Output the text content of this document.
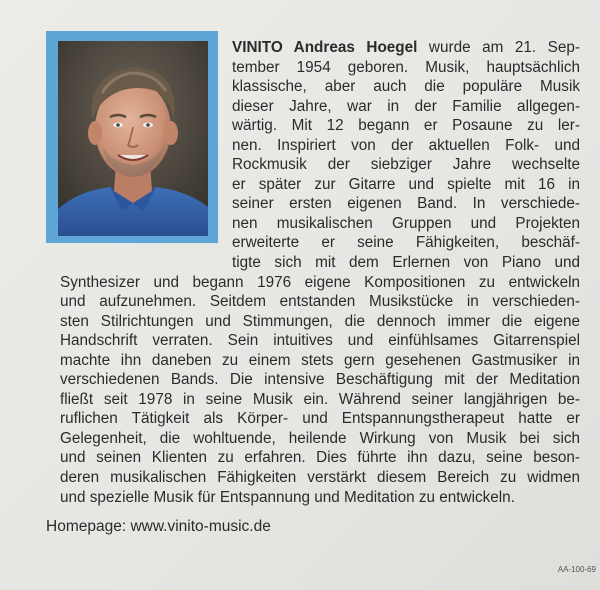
VINITO Andreas Hoegel wurde am 21. Sep-
tember 1954 geboren. Musik, hauptsächlich
klassische, aber auch die populäre Musik
dieser Jahre, war in der Familie allgegen-
wärtig. Mit 12 begann er Posaune zu ler-
nen. Inspiriert von der aktuellen Folk- und
Rockmusik der siebziger Jahre wechselte
er später zur Gitarre und spielte mit 16 in
seiner ersten eigenen Band. In verschiede-
nen musikalischen Gruppen und Projekten
erweiterte er seine Fähigkeiten, beschäf-
tigte sich mit dem Erlernen von Piano und
Synthesizer und begann 1976 eigene Kompositionen zu entwickeln
und aufzunehmen. Seitdem entstanden Musikstücke in verschieden-
sten Stilrichtungen und Stimmungen, die dennoch immer die eigene
Handschrift verraten. Sein intuitives und einfühlsames Gitarrenspiel
machte ihn daneben zu einem stets gern gesehenen Gastmusiker in
verschiedenen Bands. Die intensive Beschäftigung mit der Meditation
fließt seit 1978 in seine Musik ein. Während seiner langjährigen be-
ruflichen Tätigkeit als Körper- und Entspannungstherapeut hatte er
Gelegenheit, die wohltuende, heilende Wirkung von Musik bei sich
und seinen Klienten zu erfahren. Dies führte ihn dazu, seine beson-
deren musikalischen Fähigkeiten verstärkt diesem Bereich zu widmen
und spezielle Musik für Entspannung und Meditation zu entwickeln.
Homepage: www.vinito-music.de
AA-100-69
